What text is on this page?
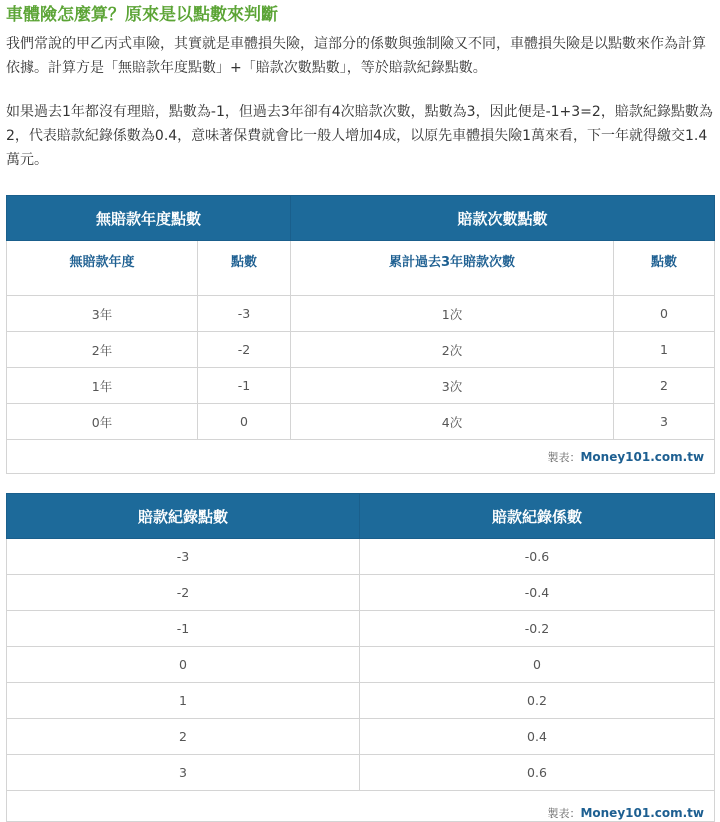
車體險怎麼算？原來是以點數來判斷

我們常說的甲乙丙式車險，其實就是車體損失險，這部分的係數與強制險又不同，車體損失險是以點數來作為計算依據。計算方是「無賠款年度點數」+「賠款次數點數」，等於賠款紀錄點數。

如果過去1年都沒有理賠，點數為-1，但過去3年卻有4次賠款次數，點數為3，因此便是-1+3=2，賠款紀錄點數為2，代表賠款紀錄係數為0.4，意味著保費就會比一般人增加4成，以原先車體損失險1萬來看，下一年就得繳交1.4萬元。

無賠款年度點數		賠款次數點數	
無賠款年度	點數	累計過去3年賠款次數	點數
3年	-3	1次	0
2年	-2	2次	1
1年	-1	3次	2
0年	0	4次	3
製表：Money101.com.tw			
賠款紀錄點數	賠款紀錄係數
-3	-0.6
-2	-0.4
-1	-0.2
0	0
1	0.2
2	0.4
3	0.6
製表：Money101.com.tw	
